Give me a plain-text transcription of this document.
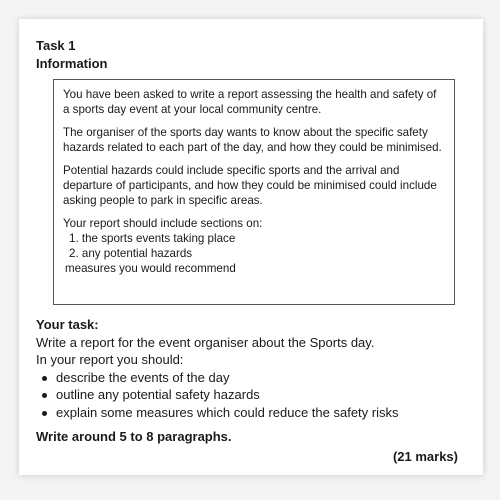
Task 1
Information

You have been asked to write a report assessing the health and safety of a sports day event at your local community centre.

The organiser of the sports day wants to know about the specific safety hazards related to each part of the day, and how they could be minimised.

Potential hazards could include specific sports and the arrival and departure of participants, and how they could be minimised could include asking people to park in specific areas.

Your report should include sections on:
1. the sports events taking place
2. any potential hazards
measures you would recommend
Your task:
Write a report for the event organiser about the Sports day.
In your report you should:
describe the events of the day
outline any potential safety hazards
explain some measures which could reduce the safety risks
Write around 5 to 8 paragraphs.
(21 marks)
